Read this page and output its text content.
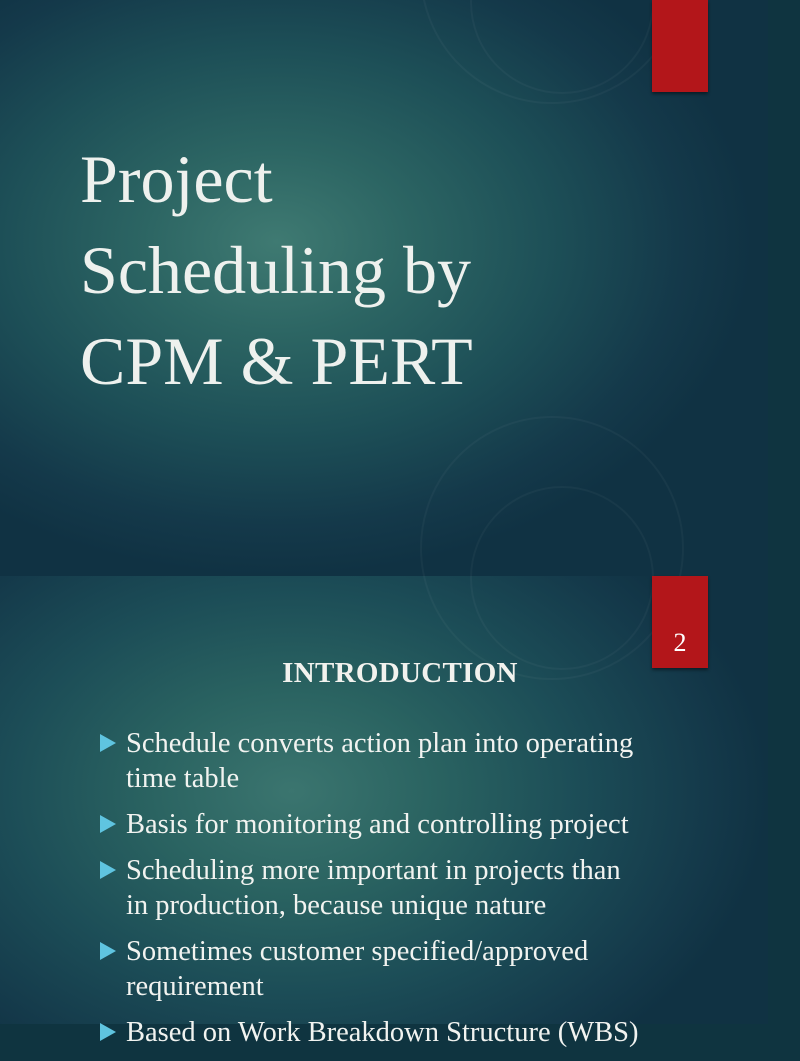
Project
Scheduling by
CPM & PERT
2
INTRODUCTION
Schedule converts action plan into operating
time table
Basis for monitoring and controlling project
Scheduling more important in projects than
in production, because unique nature
Sometimes customer specified/approved
requirement
Based on Work Breakdown Structure (WBS)
